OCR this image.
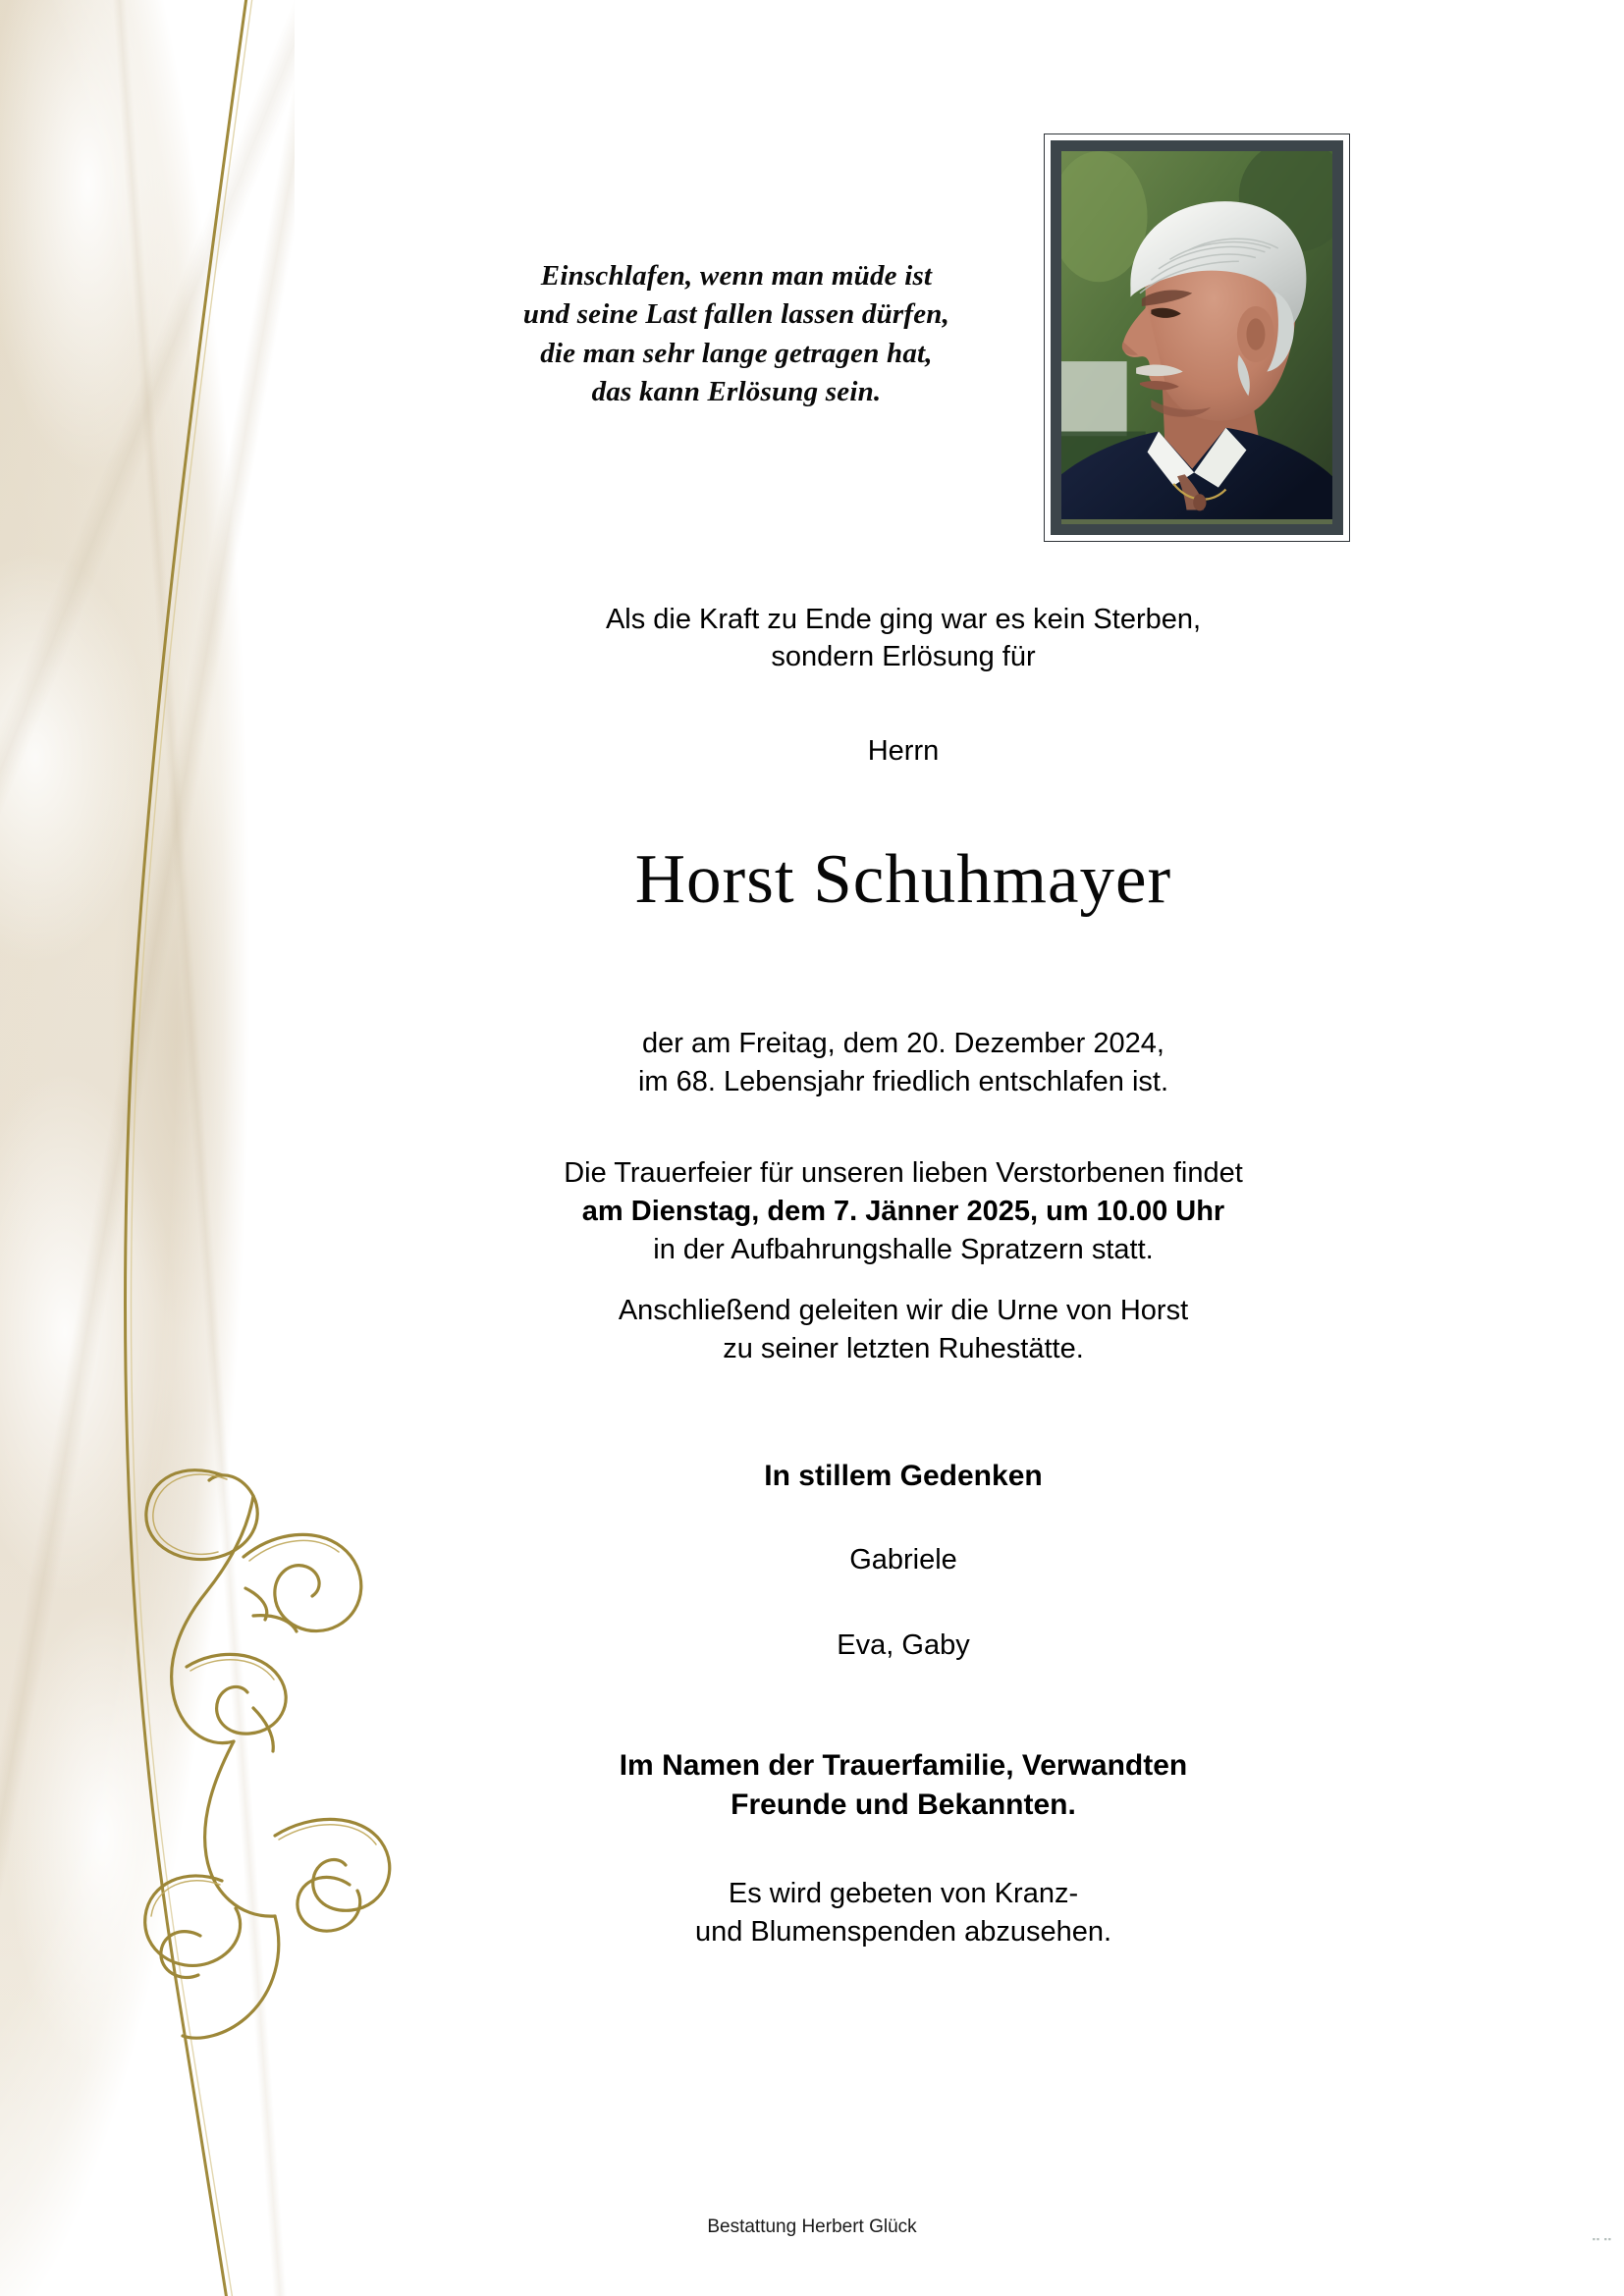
Einschlafen, wenn man müde ist
und seine Last fallen lassen dürfen,
die man sehr lange getragen hat,
das kann Erlösung sein.
Als die Kraft zu Ende ging war es kein Sterben,
sondern Erlösung für
Herrn
Horst Schuhmayer
der am Freitag, dem 20. Dezember 2024,
im 68. Lebensjahr friedlich entschlafen ist.
Die Trauerfeier für unseren lieben Verstorbenen findet
am Dienstag, dem 7. Jänner 2025, um 10.00 Uhr
in der Aufbahrungshalle Spratzern statt.
Anschließend geleiten wir die Urne von Horst
zu seiner letzten Ruhestätte.
In stillem Gedenken
Gabriele
Eva, Gaby
Im Namen der Trauerfamilie, Verwandten
Freunde und Bekannten.
Es wird gebeten von Kranz-
und Blumenspenden abzusehen.
Bestattung Herbert Glück
▪▪ ▪▪
